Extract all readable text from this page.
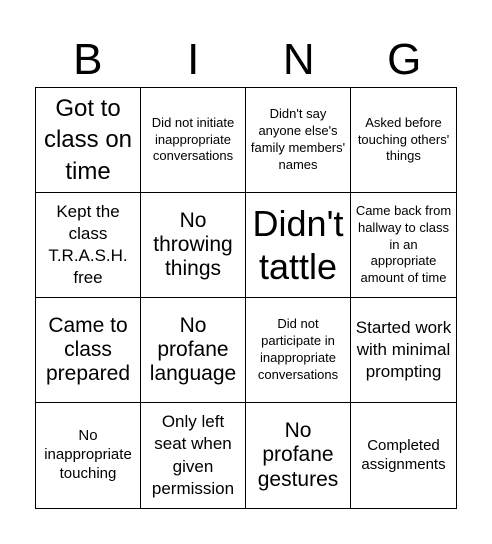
B	I	N	G
Got to class on time
Did not initiate inappropriate conversations
Didn't say anyone else's family members' names
Asked before touching others' things
Kept the class T.R.A.S.H. free
No throwing things
Didn't tattle
Came back from hallway to class in an appropriate amount of time
Came to class prepared
No profane language
Did not participate in inappropriate conversations
Started work with minimal prompting
No inappropriate touching
Only left seat when given permission
No profane gestures
Completed assignments
